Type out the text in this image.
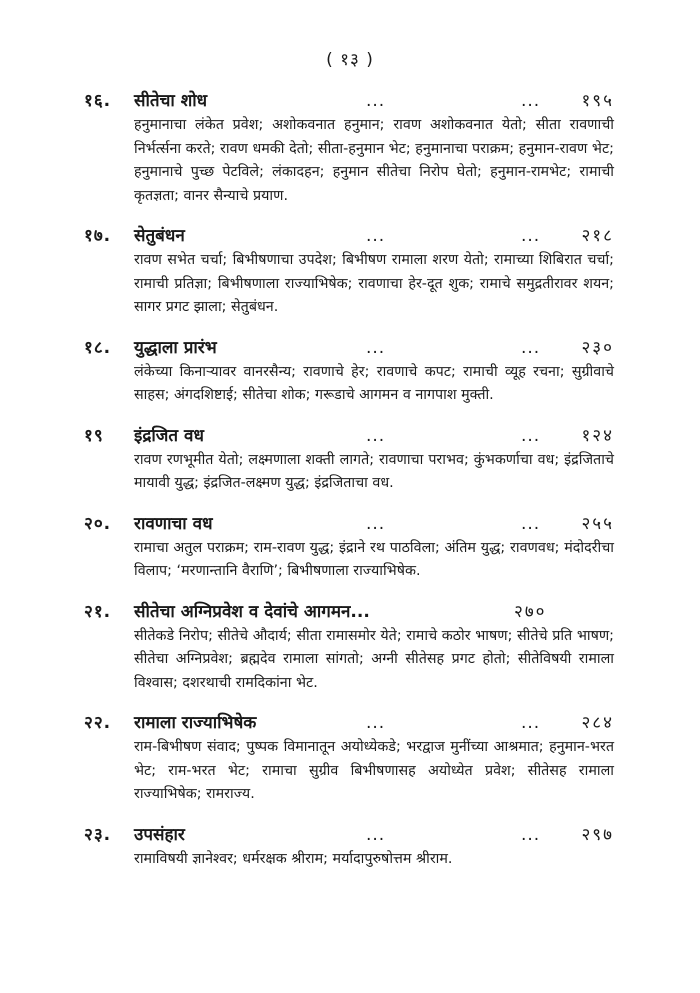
( १३ )
१६. सीतेचा शोध	...	... १९५
हनुमानाचा लंकेत प्रवेश; अशोकवनात हनुमान; रावण अशोकवनात येतो; सीता रावणाची निर्भर्त्सना करते; रावण धमकी देतो; सीता-हनुमान भेट; हनुमानाचा पराक्रम; हनुमान-रावण भेट; हनुमानाचे पुच्छ पेटविले; लंकादहन; हनुमान सीतेचा निरोप घेतो; हनुमान-रामभेट; रामाची कृतज्ञता; वानर सैन्याचे प्रयाण.
१७. सेतुबंधन	...	... २१८
रावण सभेत चर्चा; बिभीषणाचा उपदेश; बिभीषण रामाला शरण येतो; रामाच्या शिबिरात चर्चा; रामाची प्रतिज्ञा; बिभीषणाला राज्याभिषेक; रावणाचा हेर-दूत शुक; रामाचे समुद्रतीरावर शयन; सागर प्रगट झाला; सेतुबंधन.
१८. युद्धाला प्रारंभ	...	... २३०
लंकेच्या किनाऱ्यावर वानरसैन्य; रावणाचे हेर; रावणाचे कपट; रामाची व्यूह रचना; सुग्रीवाचे साहस; अंगदशिष्टाई; सीतेचा शोक; गरूडाचे आगमन व नागपाश मुक्ती.
१९ इंद्रजित वध	...	... १२४
रावण रणभूमीत येतो; लक्ष्मणाला शक्ती लागते; रावणाचा पराभव; कुंभकर्णाचा वध; इंद्रजिताचे मायावी युद्ध; इंद्रजित-लक्ष्मण युद्ध; इंद्रजिताचा वध.
२०. रावणाचा वध	...	... २५५
रामाचा अतुल पराक्रम; राम-रावण युद्ध; इंद्राने रथ पाठविला; अंतिम युद्ध; रावणवध; मंदोदरीचा विलाप; ‘मरणान्तानि वैराणि’; बिभीषणाला राज्याभिषेक.
२१. सीतेचा अग्निप्रवेश व देवांचे आगमन...	२७०
सीतेकडे निरोप; सीतेचे औदार्य; सीता रामासमोर येते; रामाचे कठोर भाषण; सीतेचे प्रति भाषण; सीतेचा अग्निप्रवेश; ब्रह्मदेव रामाला सांगतो; अग्नी सीतेसह प्रगट होतो; सीतेविषयी रामाला विश्वास; दशरथाची रामदिकांना भेट.
२२. रामाला राज्याभिषेक	...	... २८४
राम-बिभीषण संवाद; पुष्पक विमानातून अयोध्येकडे; भरद्वाज मुनींच्या आश्रमात; हनुमान-भरत भेट; राम-भरत भेट; रामाचा सुग्रीव बिभीषणासह अयोध्येत प्रवेश; सीतेसह रामाला राज्याभिषेक; रामराज्य.
२३. उपसंहार	...	... २९७
रामाविषयी ज्ञानेश्वर; धर्मरक्षक श्रीराम; मर्यादापुरुषोत्तम श्रीराम.
